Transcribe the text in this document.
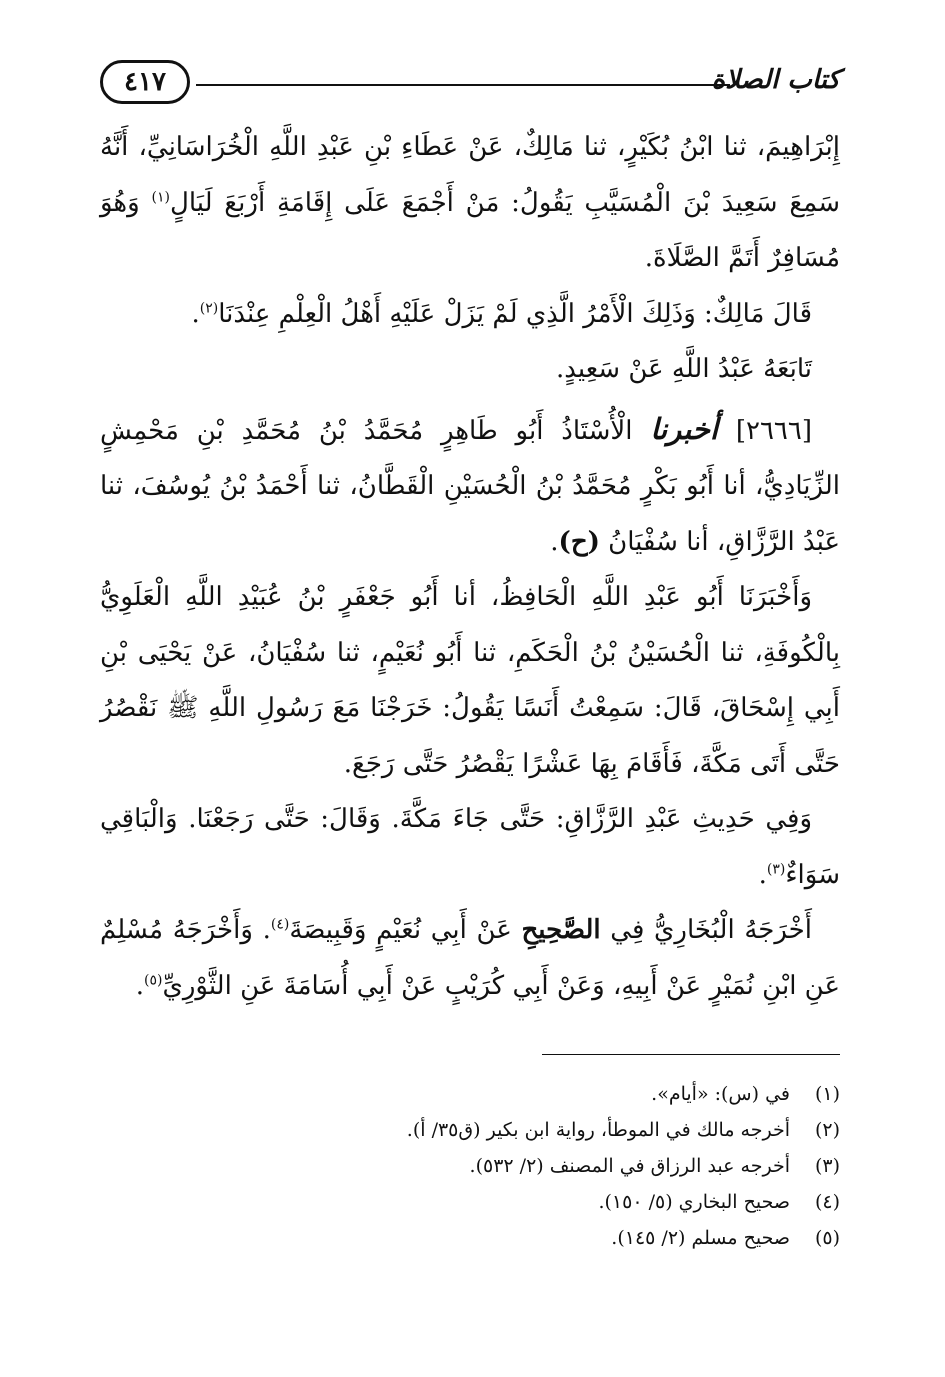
٤١٧	كتاب الصلاة

إِبْرَاهِيمَ، ثنا ابْنُ بُكَيْرٍ، ثنا مَالِكٌ، عَنْ عَطَاءِ بْنِ عَبْدِ اللَّهِ الْخُرَاسَانِيِّ، أَنَّهُ سَمِعَ سَعِيدَ بْنَ الْمُسَيَّبِ يَقُولُ: مَنْ أَجْمَعَ عَلَى إِقَامَةِ أَرْبَعَ لَيَالٍ$^{(١)}$ وَهُوَ مُسَافِرٌ أَتَمَّ الصَّلَاةَ.

قَالَ مَالِكٌ: وَذَلِكَ الْأَمْرُ الَّذِي لَمْ يَزَلْ عَلَيْهِ أَهْلُ الْعِلْمِ عِنْدَنَا$^{(٢)}$.

تَابَعَهُ عَبْدُ اللَّهِ عَنْ سَعِيدٍ.

[٢٦٦٦] أخبرنا الْأُسْتَاذُ أَبُو طَاهِرٍ مُحَمَّدُ بْنُ مُحَمَّدِ بْنِ مَحْمِشٍ الزِّيَادِيُّ، أنا أَبُو بَكْرٍ مُحَمَّدُ بْنُ الْحُسَيْنِ الْقَطَّانُ، ثنا أَحْمَدُ بْنُ يُوسُفَ، ثنا عَبْدُ الرَّزَّاقِ، أنا سُفْيَانُ (ح).

وَأَخْبَرَنَا أَبُو عَبْدِ اللَّهِ الْحَافِظُ، أنا أَبُو جَعْفَرٍ بْنُ عُبَيْدِ اللَّهِ الْعَلَوِيُّ بِالْكُوفَةِ، ثنا الْحُسَيْنُ بْنُ الْحَكَمِ، ثنا أَبُو نُعَيْمٍ، ثنا سُفْيَانُ، عَنْ يَحْيَى بْنِ أَبِي إِسْحَاقَ، قَالَ: سَمِعْتُ أَنَسًا يَقُولُ: خَرَجْنَا مَعَ رَسُولِ اللَّهِ ﷺ نَقْصُرُ حَتَّى أَتَى مَكَّةَ، فَأَقَامَ بِهَا عَشْرًا يَقْصُرُ حَتَّى رَجَعَ.

وَفِي حَدِيثِ عَبْدِ الرَّزَّاقِ: حَتَّى جَاءَ مَكَّةَ. وَقَالَ: حَتَّى رَجَعْنَا. وَالْبَاقِي سَوَاءٌ$^{(٣)}$.

أَخْرَجَهُ الْبُخَارِيُّ فِي الصَّحِيحِ عَنْ أَبِي نُعَيْمٍ وَقَبِيصَةَ$^{(٤)}$. وَأَخْرَجَهُ مُسْلِمٌ عَنِ ابْنِ نُمَيْرٍ عَنْ أَبِيهِ، وَعَنْ أَبِي كُرَيْبٍ عَنْ أَبِي أُسَامَةَ عَنِ الثَّوْرِيِّ$^{(٥)}$.

(١)
في (س): «أيام».
(٢)
أخرجه مالك في الموطأ، رواية ابن بكير (ق٣٥/ أ).
(٣)
أخرجه عبد الرزاق في المصنف (٢/ ٥٣٢).
(٤)
صحيح البخاري (٥/ ١٥٠).
(٥)
صحيح مسلم (٢/ ١٤٥).
